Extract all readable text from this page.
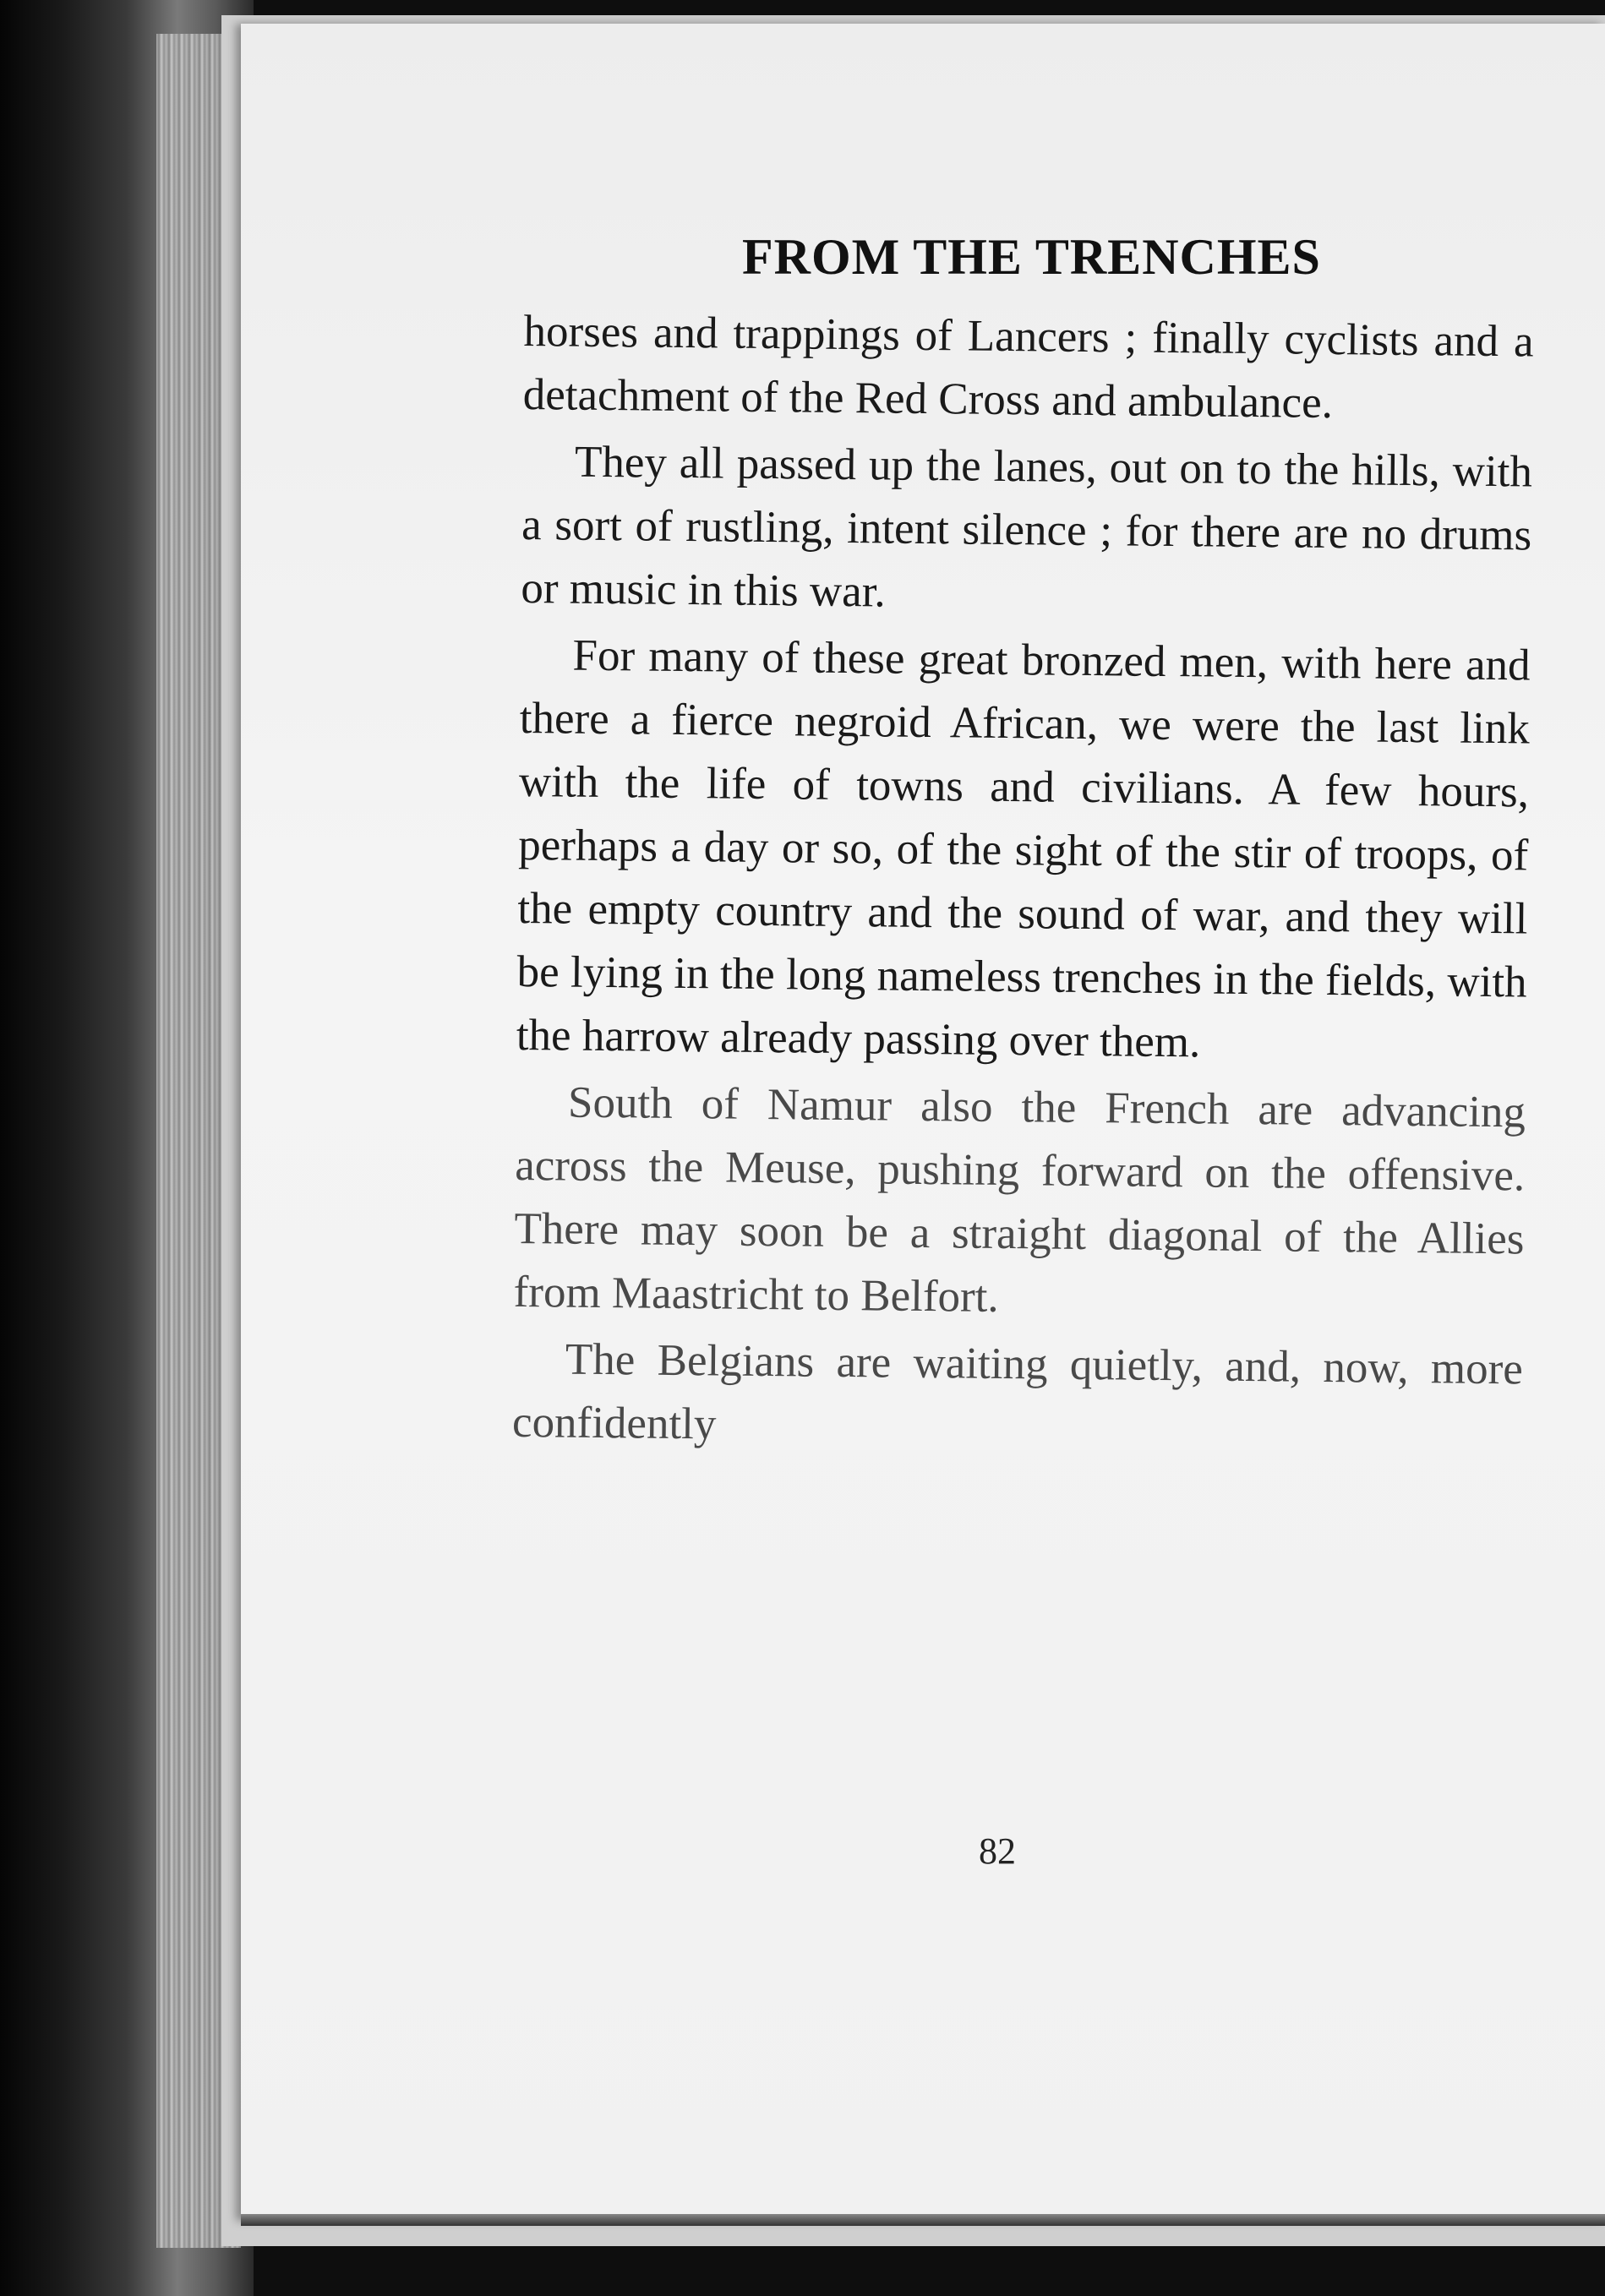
FROM THE TRENCHES

horses and trappings of Lancers ; finally cyclists and a detachment of the Red Cross and ambulance.

They all passed up the lanes, out on to the hills, with a sort of rustling, intent silence ; for there are no drums or music in this war.

For many of these great bronzed men, with here and there a fierce negroid African, we were the last link with the life of towns and civilians. A few hours, perhaps a day or so, of the sight of the stir of troops, of the empty country and the sound of war, and they will be lying in the long nameless trenches in the fields, with the harrow already passing over them.

South of Namur also the French are advancing across the Meuse, pushing forward on the offensive. There may soon be a straight diagonal of the Allies from Maastricht to Belfort.

The Belgians are waiting quietly, and, now, more confidently

82
